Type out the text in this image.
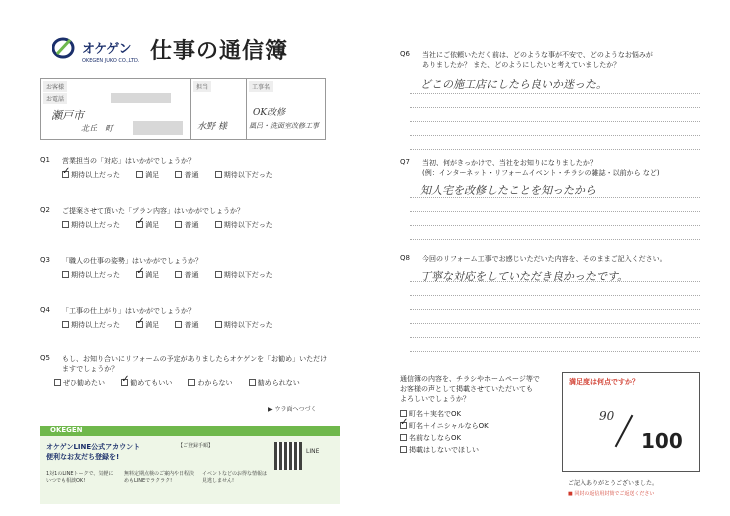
オケゲン
OKEGEN JUKO CO.,LTD. 仕事の通信簿
お客様
お電話
瀬戸市
北丘　町
担当
水野 様
工事名
OK改修
風呂・洗面室改修工事
Q1 営業担当の「対応」はいかがでしょうか？
✓期待以上だった	満足	普通	期待以下だった
Q2 ご提案させて頂いた「プラン内容」はいかがでしょうか？
期待以上だった ✓	満足	普通	期待以下だった
Q3 「職人の仕事の姿勢」はいかがでしょうか？
期待以上だった ✓	満足	普通	期待以下だった
Q4 「工事の仕上がり」はいかがでしょうか？
期待以上だった ✓	満足	普通	期待以下だった
Q5 もし、お知り合いにリフォームの予定がありましたらオケゲンを「お勧め」いただけ
ますでしょうか？
ぜひ勧めたい ✓	勧めてもいい	わからない	勧められない
▶ ウラ面へつづく
OKEGEN
オケゲンLINE公式アカウント
便利なお友だち登録を!
【ご登録手順】
1対1のLINEトークで、気軽にいつでも相談OK!
無料定期点検のご案内や日程決めもLINEでラクラク!
イベントなどのお得な情報は見逃しません!
LINE
Q6 当社にご依頼いただく前は、どのような事が不安で、どのようなお悩みが
ありましたか？ また、どのようにしたいと考えていましたか？
どこの施工店にしたら良いか迷った。
Q7 当初、何がきっかけで、当社をお知りになりましたか？
(例：インターネット・リフォームイベント・チラシの雑誌・以前から など)
知人宅を改修したことを知ったから
Q8 今回のリフォーム工事でお感じいただいた内容を、そのままご記入ください。
丁寧な対応をしていただき良かったです。
通信簿の内容を、チラシやホームページ等で
お客様の声として掲載させていただいても
よろしいでしょうか？
町名＋実名でOK
✓町名＋イニシャルならOK
名前なしならOK
掲載はしないでほしい
満足度は何点ですか？
90
100
ご記入ありがとうございました。
■ 同封の返信用封筒でご返送ください
